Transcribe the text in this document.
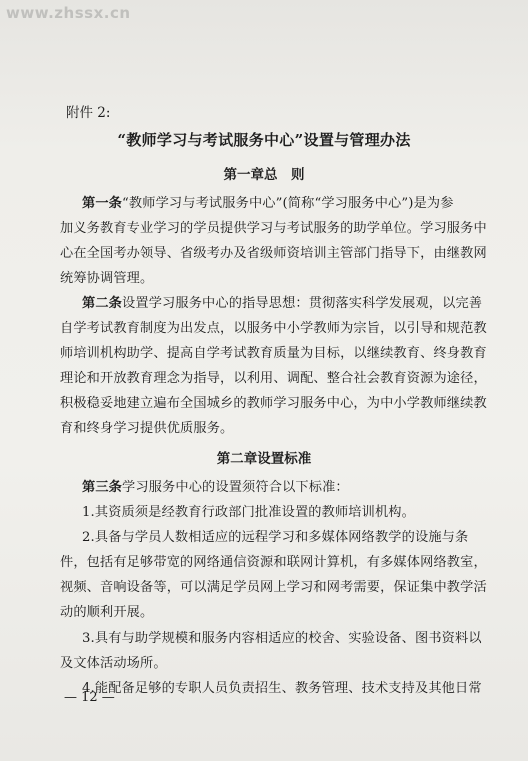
www.zhssx.cn
附件 2:
“教师学习与考试服务中心”设置与管理办法
第一章总　则
第一条“教师学习与考试服务中心”(简称“学习服务中心”)是为参
加义务教育专业学习的学员提供学习与考试服务的助学单位。学习服务中
心在全国考办领导、省级考办及省级师资培训主管部门指导下，由继教网
统筹协调管理。
第二条设置学习服务中心的指导思想：贯彻落实科学发展观，以完善
自学考试教育制度为出发点，以服务中小学教师为宗旨，以引导和规范教
师培训机构助学、提高自学考试教育质量为目标，以继续教育、终身教育
理论和开放教育理念为指导，以利用、调配、整合社会教育资源为途径，
积极稳妥地建立遍布全国城乡的教师学习服务中心，为中小学教师继续教
育和终身学习提供优质服务。
第二章设置标准
第三条学习服务中心的设置须符合以下标准：
1.其资质须是经教育行政部门批准设置的教师培训机构。
2.具备与学员人数相适应的远程学习和多媒体网络教学的设施与条
件，包括有足够带宽的网络通信资源和联网计算机，有多媒体网络教室，
视频、音响设备等，可以满足学员网上学习和网考需要，保证集中教学活
动的顺利开展。
3.具有与助学规模和服务内容相适应的校舍、实验设备、图书资料以
及文体活动场所。
4.能配备足够的专职人员负责招生、教务管理、技术支持及其他日常
— 12 —
